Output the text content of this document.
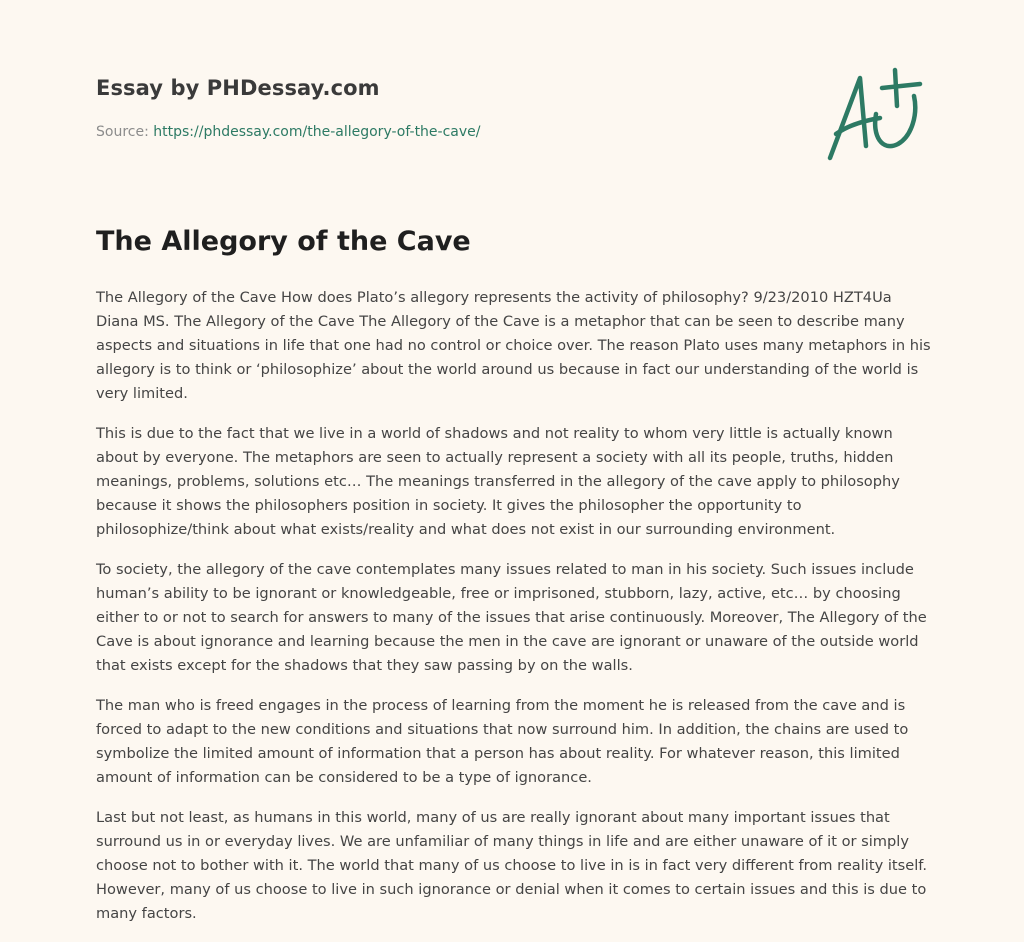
Essay by PHDessay.com
Source: https://phdessay.com/the-allegory-of-the-cave/
The Allegory of the Cave

The Allegory of the Cave How does Plato’s allegory represents the activity of philosophy? 9/23/2010 HZT4Ua Diana MS. The Allegory of the Cave The Allegory of the Cave is a metaphor that can be seen to describe many aspects and situations in life that one had no control or choice over. The reason Plato uses many metaphors in his allegory is to think or ‘philosophize’ about the world around us because in fact our understanding of the world is very limited.

This is due to the fact that we live in a world of shadows and not reality to whom very little is actually known about by everyone. The metaphors are seen to actually represent a society with all its people, truths, hidden meanings, problems, solutions etc… The meanings transferred in the allegory of the cave apply to philosophy because it shows the philosophers position in society. It gives the philosopher the opportunity to philosophize/think about what exists/reality and what does not exist in our surrounding environment.

To society, the allegory of the cave contemplates many issues related to man in his society. Such issues include human’s ability to be ignorant or knowledgeable, free or imprisoned, stubborn, lazy, active, etc… by choosing either to or not to search for answers to many of the issues that arise continuously. Moreover, The Allegory of the Cave is about ignorance and learning because the men in the cave are ignorant or unaware of the outside world that exists except for the shadows that they saw passing by on the walls.

The man who is freed engages in the process of learning from the moment he is released from the cave and is forced to adapt to the new conditions and situations that now surround him. In addition, the chains are used to symbolize the limited amount of information that a person has about reality. For whatever reason, this limited amount of information can be considered to be a type of ignorance.

Last but not least, as humans in this world, many of us are really ignorant about many important issues that surround us in or everyday lives. We are unfamiliar of many things in life and are either unaware of it or simply choose not to bother with it. The world that many of us choose to live in is in fact very different from reality itself. However, many of us choose to live in such ignorance or denial when it comes to certain issues and this is due to many factors.
